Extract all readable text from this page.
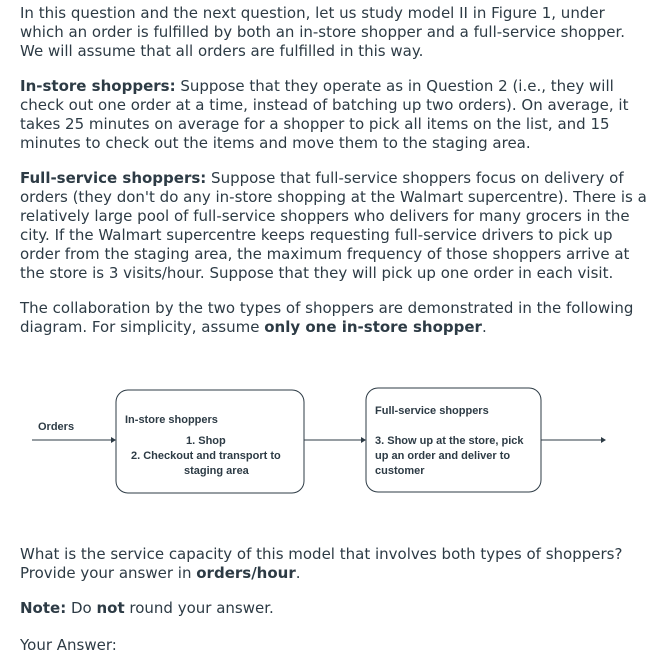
In this question and the next question, let us study model II in Figure 1, under which an order is fulfilled by both an in-store shopper and a full-service shopper. We will assume that all orders are fulfilled in this way.

In-store shoppers: Suppose that they operate as in Question 2 (i.e., they will check out one order at a time, instead of batching up two orders). On average, it takes 25 minutes on average for a shopper to pick all items on the list, and 15 minutes to check out the items and move them to the staging area.

Full-service shoppers: Suppose that full-service shoppers focus on delivery of orders (they don't do any in-store shopping at the Walmart supercentre). There is a relatively large pool of full-service shoppers who delivers for many grocers in the city. If the Walmart supercentre keeps requesting full-service drivers to pick up order from the staging area, the maximum frequency of those shoppers arrive at the store is 3 visits/hour. Suppose that they will pick up one order in each visit.

The collaboration by the two types of shoppers are demonstrated in the following diagram. For simplicity, assume only one in-store shopper.

Orders
In-store shoppers
1. Shop
2. Checkout and transport to
staging area
Full-service shoppers
3. Show up at the store, pick
up an order and deliver to
customer

What is the service capacity of this model that involves both types of shoppers? Provide your answer in orders/hour.

Note: Do not round your answer.

Your Answer:
